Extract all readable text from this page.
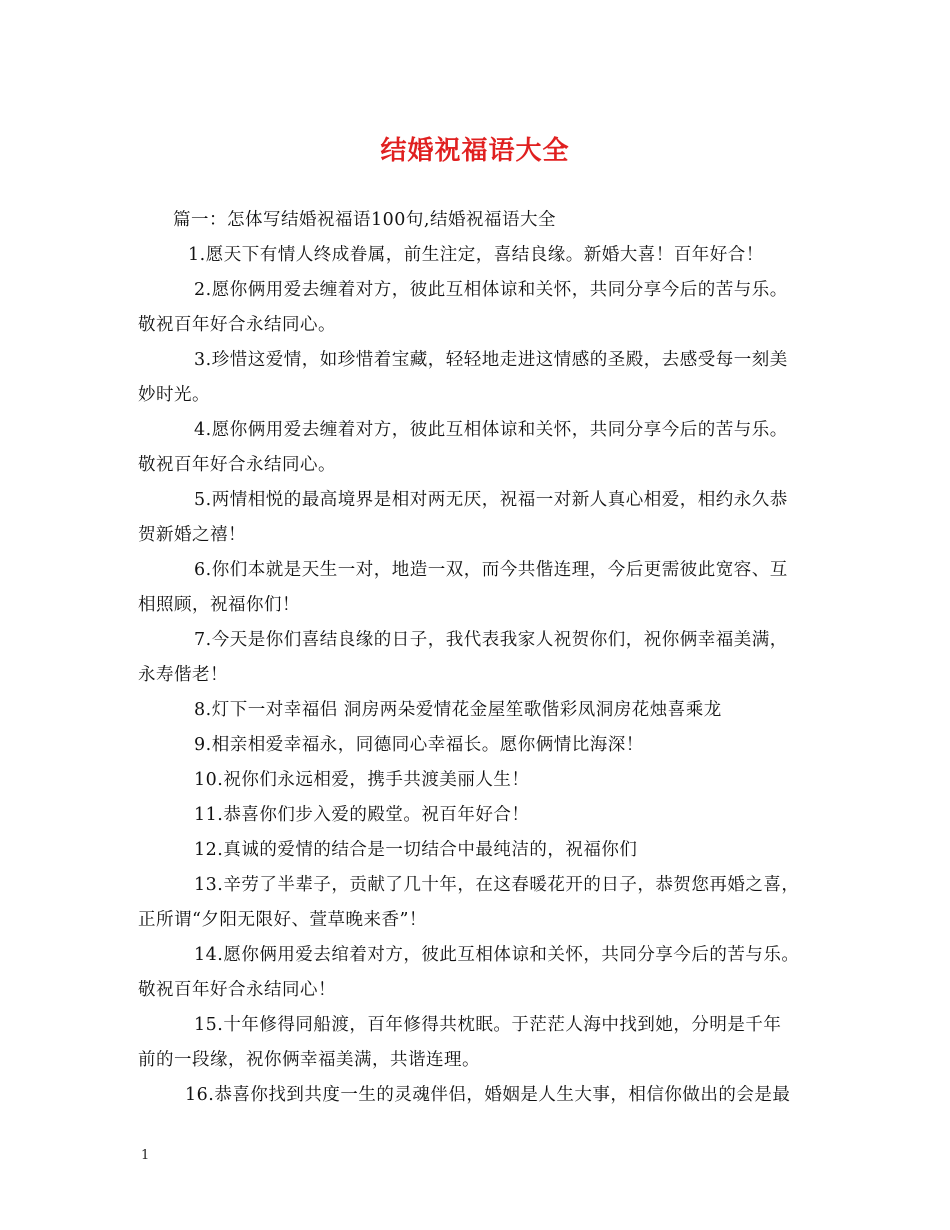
结婚祝福语大全
篇一：怎体写结婚祝福语100句,结婚祝福语大全
1.愿天下有情人终成眷属，前生注定，喜结良缘。新婚大喜！百年好合！
2.愿你俩用爱去缠着对方，彼此互相体谅和关怀，共同分享今后的苦与乐。
敬祝百年好合永结同心。
3.珍惜这爱情，如珍惜着宝藏，轻轻地走进这情感的圣殿，去感受每一刻美
妙时光。
4.愿你俩用爱去缠着对方，彼此互相体谅和关怀，共同分享今后的苦与乐。
敬祝百年好合永结同心。
5.两情相悦的最高境界是相对两无厌，祝福一对新人真心相爱，相约永久恭
贺新婚之禧！
6.你们本就是天生一对，地造一双，而今共偕连理，今后更需彼此宽容、互
相照顾，祝福你们！
7.今天是你们喜结良缘的日子，我代表我家人祝贺你们，祝你俩幸福美满，
永寿偕老！
8.灯下一对幸福侣 洞房两朵爱情花金屋笙歌偕彩凤洞房花烛喜乘龙
9.相亲相爱幸福永，同德同心幸福长。愿你俩情比海深！
10.祝你们永远相爱，携手共渡美丽人生！
11.恭喜你们步入爱的殿堂。祝百年好合！
12.真诚的爱情的结合是一切结合中最纯洁的，祝福你们
13.辛劳了半辈子，贡献了几十年，在这春暖花开的日子，恭贺您再婚之喜，
正所谓“夕阳无限好、萱草晚来香”！
14.愿你俩用爱去绾着对方，彼此互相体谅和关怀，共同分享今后的苦与乐。
敬祝百年好合永结同心！
15.十年修得同船渡，百年修得共枕眠。于茫茫人海中找到她，分明是千年
前的一段缘，祝你俩幸福美满，共谐连理。
16.恭喜你找到共度一生的灵魂伴侣，婚姻是人生大事，相信你做出的会是最
1
